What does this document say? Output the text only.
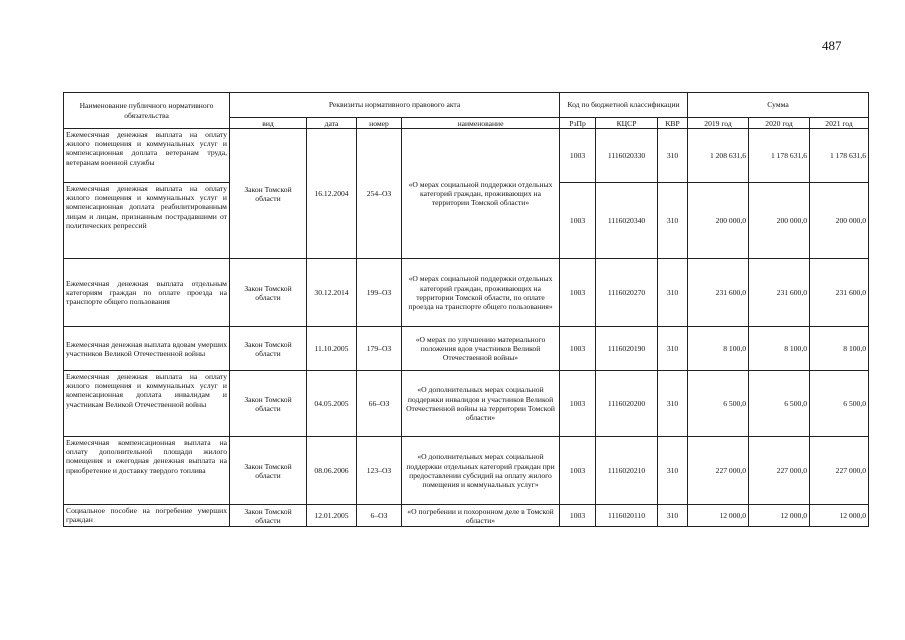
487
Наименование публичного нормативного обязательства	Реквизиты нормативного правового акта				Код по бюджетной классификации			Сумма		
	вид	дата	номер	наименование	РзПр	КЦСР	КВР	2019 год	2020 год	2021 год
Ежемесячная денежная выплата на оплату жилого помещения и коммунальных услуг и компенсационная доплата ветеранам труда, ветеранам военной службы	Закон Томской области	16.12.2004	254–ОЗ	«О мерах социальной поддержки отдельных категорий граждан, проживающих на территории Томской области»	1003	1116020330	310	1 208 631,6	1 178 631,6	1 178 631,6
Ежемесячная денежная выплата на оплату жилого помещения и коммунальных услуг и компенсационная доплата реабилитированным лицам и лицам, признанным пострадавшими от политических репрессий					1003	1116020340	310	200 000,0	200 000,0	200 000,0
Ежемесячная денежная выплата отдельным категориям граждан по оплате проезда на транспорте общего пользования	Закон Томской области	30.12.2014	199–ОЗ	«О мерах социальной поддержки отдельных категорий граждан, проживающих на территории Томской области, по оплате проезда на транспорте общего пользования»	1003	1116020270	310	231 600,0	231 600,0	231 600,0
Ежемесячная денежная выплата вдовам умерших участников Великой Отечественной войны	Закон Томской области	11.10.2005	179–ОЗ	«О мерах по улучшению материального положения вдов участников Великой Отечественной войны»	1003	1116020190	310	8 100,0	8 100,0	8 100,0
Ежемесячная денежная выплата на оплату жилого помещения и коммунальных услуг и компенсационная доплата инвалидам и участникам Великой Отечественной войны	Закон Томской области	04.05.2005	66–ОЗ	«О дополнительных мерах социальной поддержки инвалидов и участников Великой Отечественной войны на территории Томской области»	1003	1116020200	310	6 500,0	6 500,0	6 500,0
Ежемесячная компенсационная выплата на оплату дополнительной площади жилого помещения и ежегодная денежная выплата на приобретение и доставку твердого топлива	Закон Томской области	08.06.2006	123–ОЗ	«О дополнительных мерах социальной поддержки отдельных категорий граждан при предоставлении субсидий на оплату жилого помещения и коммунальных услуг»	1003	1116020210	310	227 000,0	227 000,0	227 000,0
Социальное пособие на погребение умерших граждан	Закон Томской области	12.01.2005	6–ОЗ	«О погребении и похоронном деле в Томской области»	1003	1116020110	310	12 000,0	12 000,0	12 000,0
